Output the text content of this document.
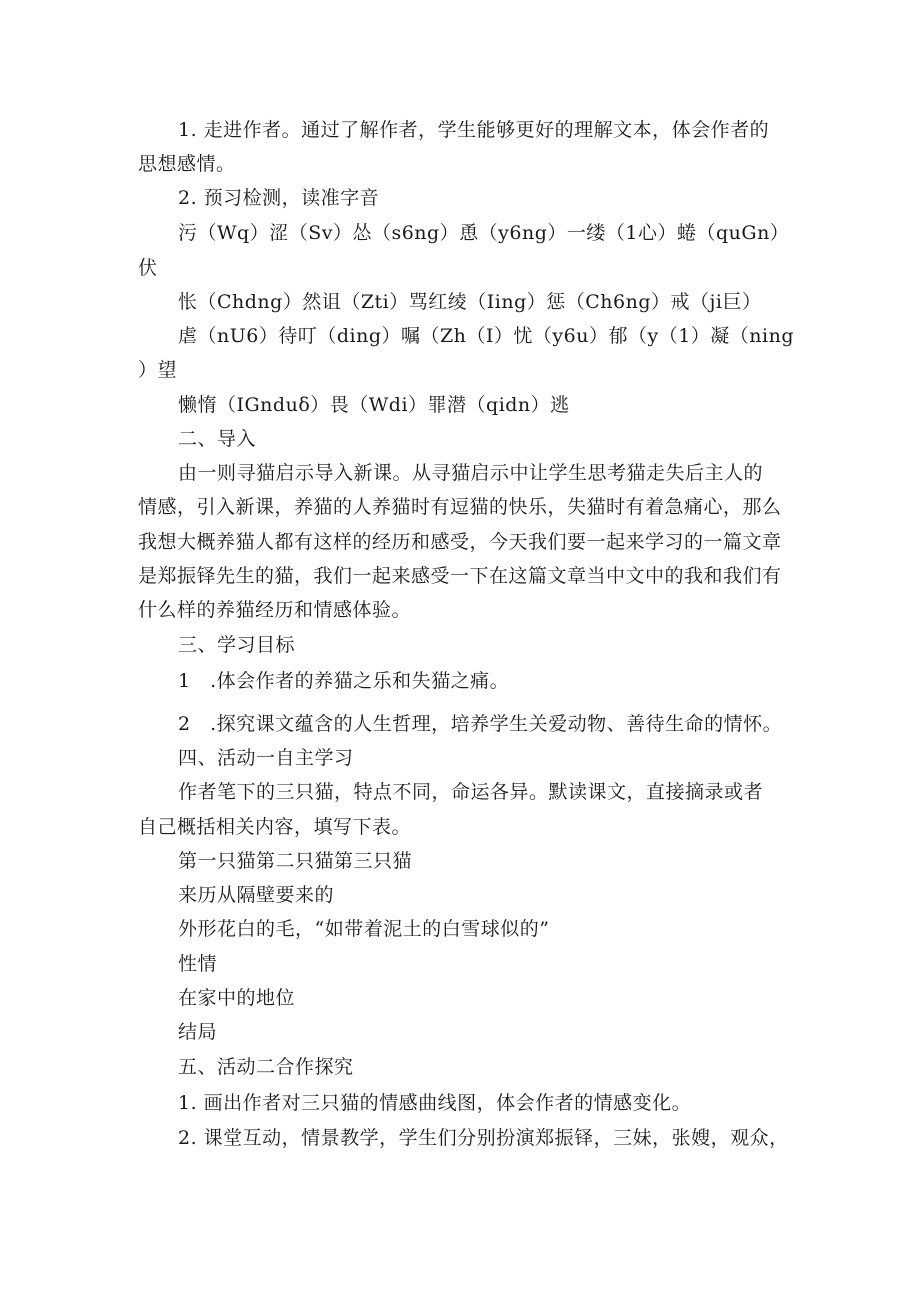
1. 走进作者。通过了解作者，学生能够更好的理解文本，体会作者的
思想感情。
2. 预习检测，读准字音
污（Wq）涩（Sv）怂（s6ng）恿（y6ng）一缕（1心）蜷（quGn）
伏
怅（Chdng）然诅（Zti）骂红绫（Iing）惩（Ch6ng）戒（ji巨）
虐（nU6）待叮（ding）嘱（Zh（I）忧（y6u）郁（y（1）凝（ning
）望
懒惰（IGnduδ）畏（Wdi）罪潜（qidn）逃
二、导入
由一则寻猫启示导入新课。从寻猫启示中让学生思考猫走失后主人的
情感，引入新课，养猫的人养猫时有逗猫的快乐，失猫时有着急痛心，那么
我想大概养猫人都有这样的经历和感受，今天我们要一起来学习的一篇文章
是郑振铎先生的猫，我们一起来感受一下在这篇文章当中文中的我和我们有
什么样的养猫经历和情感体验。
三、学习目标
1　.体会作者的养猫之乐和失猫之痛。
2　.探究课文蕴含的人生哲理，培养学生关爱动物、善待生命的情怀。
四、活动一自主学习
作者笔下的三只猫，特点不同，命运各异。默读课文，直接摘录或者
自己概括相关内容，填写下表。
第一只猫第二只猫第三只猫
来历从隔壁要来的
外形花白的毛，“如带着泥土的白雪球似的”
性情
在家中的地位
结局
五、活动二合作探究
1. 画出作者对三只猫的情感曲线图，体会作者的情感变化。
2. 课堂互动，情景教学，学生们分别扮演郑振铎，三妹，张嫂，观众，
